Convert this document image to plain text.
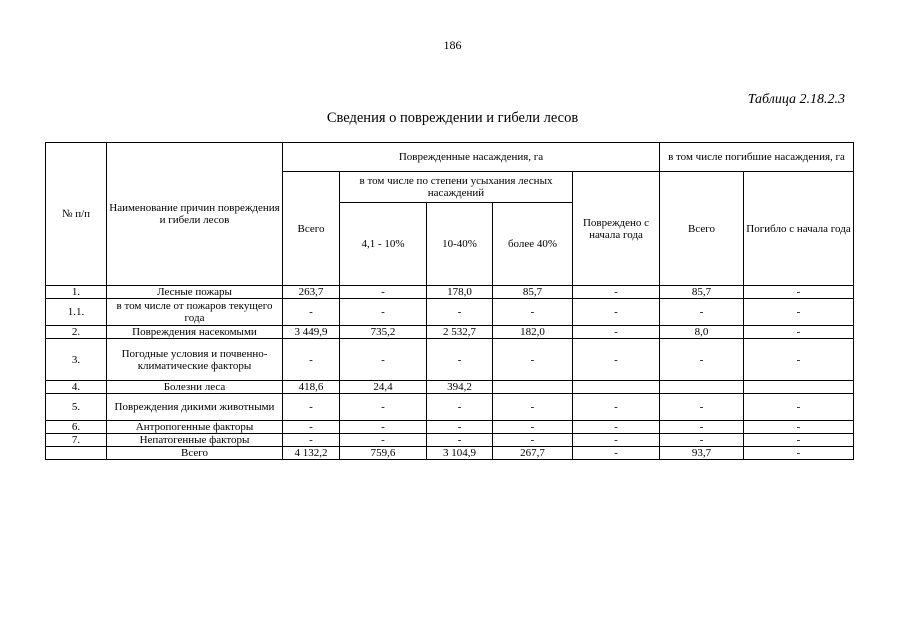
186
Таблица 2.18.2.3
Сведения о повреждении и гибели лесов
№ п/п	Наименование причин повреждения и гибели лесов	Поврежденные насаждения, га					в том числе погибшие насаждения, га	
		Всего	в том числе по степени усыхания лесных насаждений			Повреждено с начала года	Всего	Погибло с начала года
			4,1 - 10%	10-40%	более 40%			
1.	Лесные пожары	263,7	-	178,0	85,7	-	85,7	-
1.1.	в том числе от пожаров текущего года	-	-	-	-	-	-	-
2.	Повреждения насекомыми	3 449,9	735,2	2 532,7	182,0	-	8,0	-
3.	Погодные условия и почвенно-климатические факторы	-	-	-	-	-	-	-
4.	Болезни леса	418,6	24,4	394,2				
5.	Повреждения дикими животными	-	-	-	-	-	-	-
6.	Антропогенные факторы	-	-	-	-	-	-	-
7.	Непатогенные факторы	-	-	-	-	-	-	-
	Всего	4 132,2	759,6	3 104,9	267,7	-	93,7	-
